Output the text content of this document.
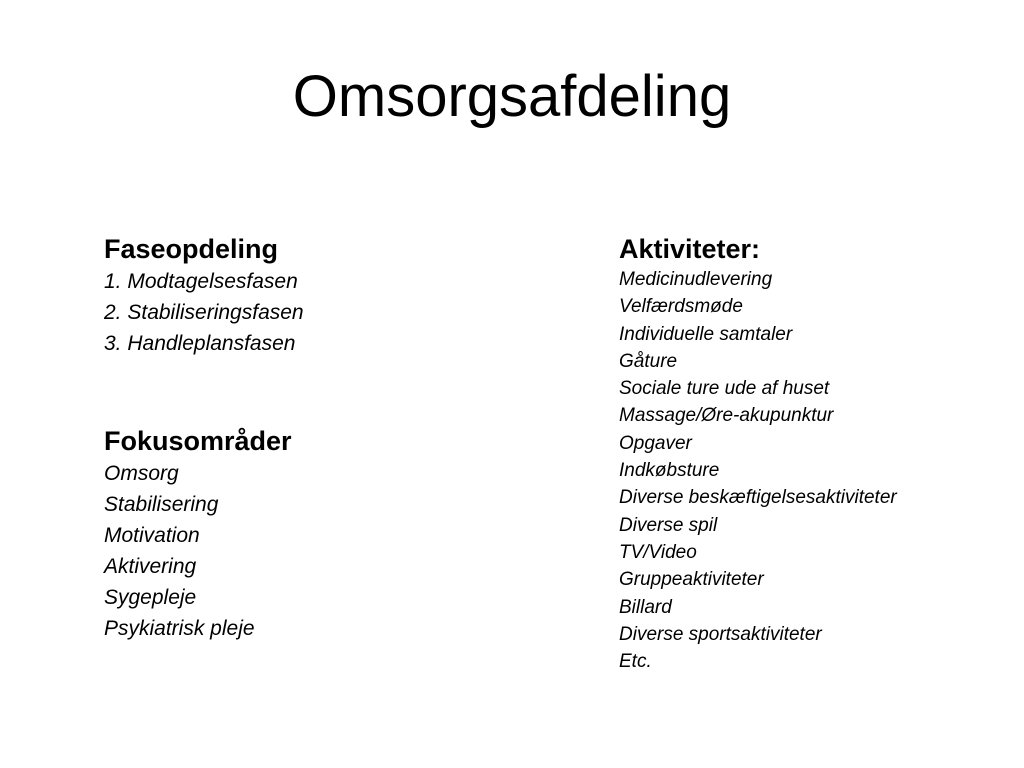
Omsorgsafdeling
Faseopdeling
1. Modtagelsesfasen
2. Stabiliseringsfasen
3. Handleplansfasen
Fokusområder
Omsorg
Stabilisering
Motivation
Aktivering
Sygepleje
Psykiatrisk pleje
Aktiviteter:
Medicinudlevering
Velfærdsmøde
Individuelle samtaler
Gåture
Sociale ture ude af huset
Massage/Øre-akupunktur
Opgaver
Indkøbsture
Diverse beskæftigelsesaktiviteter
Diverse spil
TV/Video
Gruppeaktiviteter
Billard
Diverse sportsaktiviteter
Etc.
